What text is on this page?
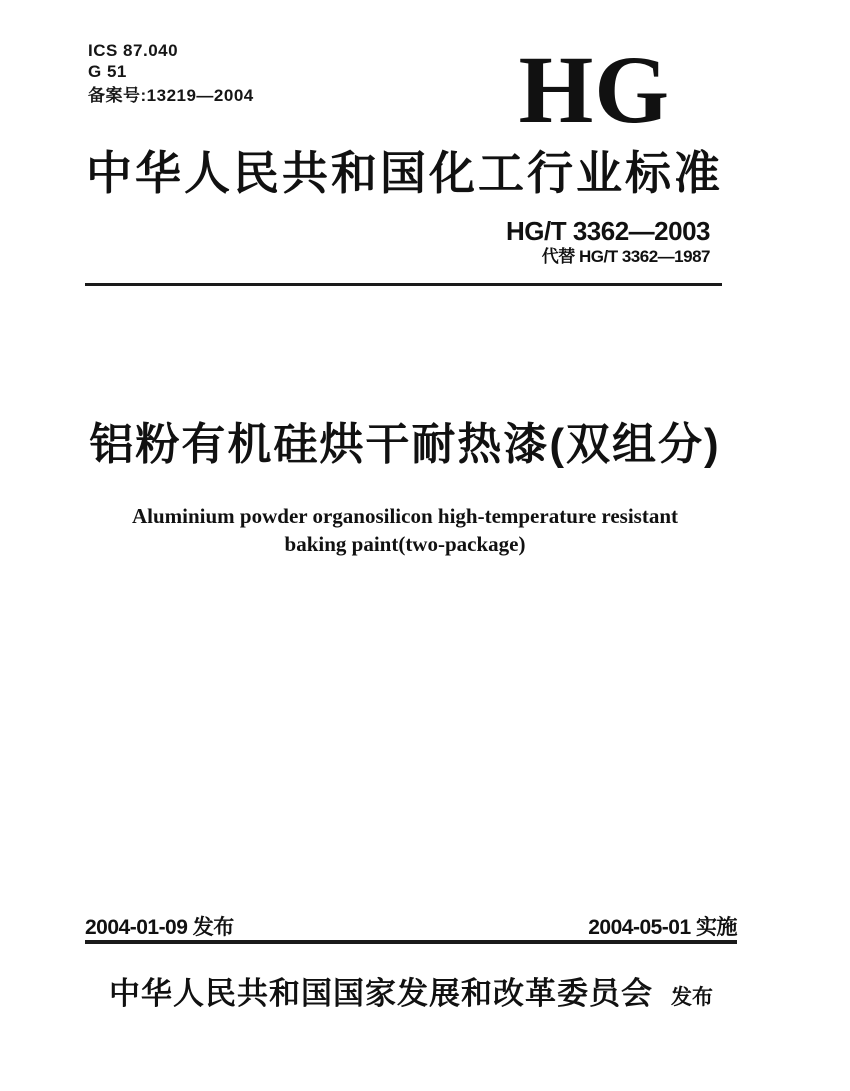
ICS 87.040
G 51
备案号:13219—2004	HG
中华人民共和国化工行业标准
HG/T 3362—2003
代替 HG/T 3362—1987
铝粉有机硅烘干耐热漆(双组分)
Aluminium powder organosilicon high-temperature resistant
baking paint(two-package)
2004-01-09 发布	2004-05-01 实施
中华人民共和国国家发展和改革委员会 发布
